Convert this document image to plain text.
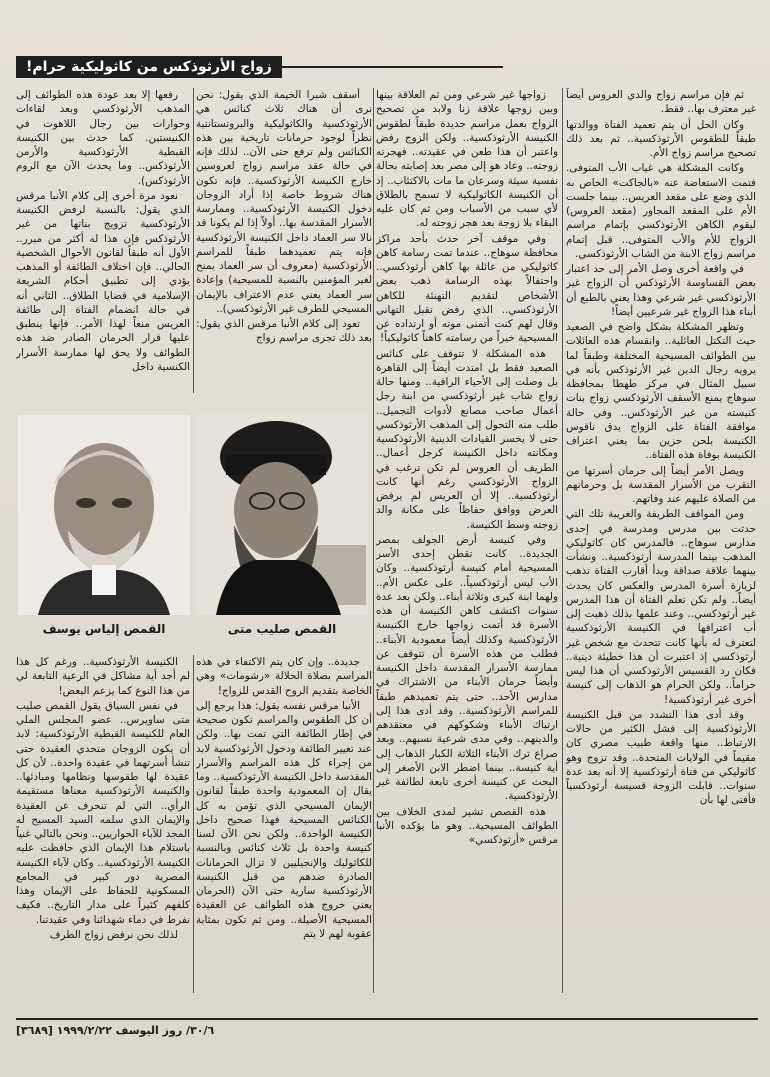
زواج الأرثوذكس من كاثوليكية حرام!

ثم فإن مراسم زواج والدي العروس أيضاً غير معترف بها.. فقط.

وكان الحل أن يتم تعميد الفتاة ووالدتها طبقاً للطقوس الأرثوذكسية.. ثم بعد ذلك تصحيح مراسم زواج الأم.

وكانت المشكلة هي غياب الأب المتوفى. فتمت الاستعاضة عنه «بالجاكت» الخاص به الذي وضع على مقعد العريس.. بينما جلست الأم على المقعد المجاور (مقعد العروس) ليقوم الكاهن الأرثوذكسي بإتمام مراسم الزواج للأم والأب المتوفى.. قبل إتمام مراسم زواج الابنة من الشاب الأرثوذكسي.

في واقعة أخرى وصل الأمر إلى حد اعتبار بعض القساوسة الأرثوذكس أن الزواج غير الأرثوذكسي غير شرعي وهذا يعني بالطبع أن أبناء هذا الزواج غير شرعيين أيضاً!

وتظهر المشكلة بشكل واضح في الصعيد حيث التكتل العائلية.. وانقسام هذه العائلات بين الطوائف المسيحية المختلفة وطبقاً لما يرويه رجال الدين غير الأرثوذكس بأنه في سبيل المثال في مركز طهطا بمحافظة سوهاج يمنع الأسقف الأرثوذكسي زواج بنات كنيسته من غير الأرثوذكس.. وفي حالة موافقة الفتاة على الزواج يدق ناقوس الكنيسة بلحن حزين بما يعني اعتراف الكنيسة بوفاة هذه الفتاة..

ويصل الأمر أيضاً إلى حرمان أسرتها من التقرب من الأسرار المقدسة بل وحرمانهم من الصلاة عليهم عند وفاتهم.

ومن المواقف الطريفة والغريبة تلك التي حدثت بين مدرس ومدرسة في إحدى مدارس سوهاج.. فالمدرس كان كاثوليكي المذهب بينما المدرسة أرثوذكسية.. ونشأت بينهما علاقة صداقة وبدأ أقارب الفتاة تذهب لزيارة أسرة المدرس والعكس كان يحدث أيضاً.. ولم تكن تعلم الفتاة أن هذا المدرس غير أرثوذكسي.. وعند علمها بذلك ذهبت إلى أب اعترافها في الكنيسة الأرثوذكسية لتعترف له بأنها كانت تتحدث مع شخص غير أرثوذكسي إذ اعتبرت أن هذا خطيئة دينية.. فكان رد القسيس الأرثوذكسي أن هذا ليس حراماً.. ولكن الحرام هو الذهاب إلى كنيسة أخرى غير أرثوذكسية!

وقد أدى هذا التشدد من قبل الكنيسة الأرثوذكسية إلى فشل الكثير من حالات الارتباط.. منها واقعة طبيب مصري كان مقيماً في الولايات المتحدة.. وقد تزوج وهو كاثوليكي من فتاة أرثوذكسية إلا أنه بعد عدة سنوات.. قابلت الزوجة قسيسة أرثوذكسياً فأفتى لها بأن

زواجها غير شرعي ومن ثم العلاقة بينها وبين زوجها علاقة زنا ولابد من تصحيح الزواج بعمل مراسم جديدة طبقاً لطقوس الكنيسة الأرثوذكسية.. ولكن الزوج رفض واعتبر أن هذا طعن في عقيدته.. فهجرته زوجته.. وعاد هو إلى مصر بعد إصابته بحالة نفسية سيئة وسرعان ما مات بالاكتئاب.. إذ أن الكنيسة الكاثوليكية لا تسمح بالطلاق لأي سبب من الأسباب ومن ثم كان عليه البقاء بلا زوجة بعد هجر زوجته له.

وفي موقف آخر حدث بأحد مراكز محافظة سوهاج.. عندما تمت رسامة كاهن كاثوليكي من عائلة بها كاهن أرثوذكسي.. واحتفالاً بهذه الرسامة ذهب بعض الأشخاص لتقديم التهنئة للكاهن الأرثوذكسي.. الذي رفض تقبل التهاني وقال لهم كنت أتمنى موته أو ارتداده عن المسيحية خيراً من رسامته كاهناً كاثوليكياً!

هذه المشكلة لا تتوقف على كنائس الصعيد فقط بل امتدت أيضاً إلى القاهرة بل وصلت إلى الأحياء الراقية.. ومنها حالة زواج شاب غير أرثوذكسي من ابنة رجل أعمال صاحب مصانع لأدوات التجميل.. طلب منه التحول إلى المذهب الأرثوذكسي حتى لا يخسر القيادات الدينية الأرثوذكسية ومكانته داخل الكنيسة كرجل أعمال.. الطريف أن العروس لم تكن ترغب في الزواج الأرثوذكسي رغم أنها كانت أرثوذكسية.. إلا أن العريس لم يرفض العرض ووافق حفاظاً على مكانة والد زوجته وسط الكنيسة.

وفي كنيسة أرض الجولف بمصر الجديدة.. كانت تقطن إحدى الأسر المسيحية أمام كنيسة أرثوذكسية.. وكان الأب ليس أرثوذكسياً.. على عكس الأم.. ولهما ابنة كبرى وثلاثة أبناء.. ولكن بعد عدة سنوات اكتشف كاهن الكنيسة أن هذه الأسرة قد أتمت زواجها خارج الكنيسة الأرثوذكسية وكذلك أيضاً معمودية الأبناء.. فطلب من هذه الأسرة أن تتوقف عن ممارسة الأسرار المقدسة داخل الكنيسة وأيضاً حرمان الأبناء من الاشتراك في مدارس الأحد.. حتى يتم تعميدهم طبقاً للمراسم الأرثوذكسية.. وقد أدى هذا إلى ارتباك الأبناء وشكوكهم في معتقدهم والدينهم.. وفي مدى شرعية نسبهم.. وبعد صراع ترك الأبناء الثلاثة الكبار الذهاب إلى أية كنيسة.. بينما اضطر الابن الأصغر إلى البحث عن كنيسة أخرى تابعة لطائفة غير الأرثوذكسية.

هذه القصص تشير لمدى الخلاف بين الطوائف المسيحية.. وهو ما يؤكده الأنبا مرقس «أرثوذكسي»

أسقف شبرا الخيمة الذي يقول: نحن نرى أن هناك ثلاث كنائس هي الأرثوذكسية والكاثوليكية والبروتستانتية نظراً لوجود حرمانات تاريخية بين هذه الكنائس ولم ترفع حتى الآن.. لذلك فإنه في حالة عقد مراسم زواج لعروسين خارج الكنيسة الأرثوذكسية.. فإنه تكون هناك شروط خاصة إذا أراد الزوجان دخول الكنيسة الأرثوذكسية.. وممارسة الأسرار المقدسة بها.. أولاً إذا لم يكونا قد نالا سر العماد داخل الكنيسة الأرثوذكسية فإنه يتم تعميدهما طبقاً للمراسم الأرثوذكسية (معروف أن سر العماد يمنح لغير المؤمنين بالنسبة للمسيحية) وإعادة سر العماد يعني عدم الاعتراف بالإيمان المسيحي للطرف غير الأرثوذكسي)..

تعود إلى كلام الأنبا مرقس الذي يقول: بعد ذلك تجرى مراسم زواج

رفعها إلا بعد عودة هذه الطوائف إلى المذهب الأرثوذكسي وبعد لقاءات وحوارات بين رجال اللاهوت في الكنيستين. كما حدث بين الكنيسة القبطية الأرثوذكسية والأرمن الأرثوذكس.. وما يحدث الآن مع الروم الأرثوذكس).

نعود مرة أخرى إلى كلام الأنبا مرقس الذي يقول: بالنسبة لرفض الكنيسة الأرثوذكسية تزويج بناتها من غير الأرثوذكس فإن هذا له أكثر من مبرر.. الأول أنه طبقاً لقانون الأحوال الشخصية الحالي.. فإن اختلاف الطائفة أو المذهب يؤدي إلى تطبيق أحكام الشريعة الإسلامية في قضايا الطلاق.. الثاني أنه في حالة انضمام الفتاة إلى طائفة العريس منعاً لهذا الأمر.. فإنها ينطبق عليها قرار الحرمان الصادر ضد هذه الطوائف ولا يحق لها ممارسة الأسرار الكنسية داخل

القمص صليب متى
القمص إلياس يوسف

جديدة.. وإن كان يتم الاكتفاء في هذه المراسم بصلاة الحلالة «رشومات» وهي الخاصة بتقديم الروح القدس للزواج!

الأنبا مرقس نفسه يقول: هذا يرجع إلى أن كل الطقوس والمراسم تكون صحيحة في إطار الطائفة التي تمت بها.. ولكن عند تغيير الطائفة ودخول الأرثوذكسية لابد من إجراء كل هذه المراسم والأسرار المقدسة داخل الكنيسة الأرثوذكسية.. وما يقال إن المعمودية واحدة طبقاً لقانون الإيمان المسيحي الذي تؤمن به كل الكنائس المسيحية فهذا صحيح داخل الكنيسة الواحدة.. ولكن نحن الآن لسنا كنيسة واحدة بل ثلاث كنائس وبالنسبة للكاثوليك والإنجيليين لا تزال الحرمانات الصادرة ضدهم من قبل الكنيسة الأرثوذكسية سارية حتى الآن (الحرمان يعني خروج هذه الطوائف عن العقيدة المسيحية الأصيلة.. ومن ثم تكون بمثابة عقوبة لهم لا يتم

الكنيسة الأرثوذكسية.. ورغم كل هذا لم أجد أية مشاكل في الرعية التابعة لي من هذا النوع كما يزعم البعض!

في نفس السياق يقول القمص صليب متى ساويرس.. عضو المجلس الملي العام للكنيسة القبطية الأرثوذكسية: لابد أن يكون الزوجان متحدي العقيدة حتى تنشأ أسرتهما في عقيدة واحدة.. لأن كل عقيدة لها طقوسها ونظامها ومبادئها.. والكنيسة الأرثوذكسية معناها مستقيمة الرأي.. التي لم تنحرف عن العقيدة والإيمان الذي سلمه السيد المسيح له المجد للآباء الحواريين.. ونحن بالتالي غنياً باستلام هذا الإيمان الذي حافظت عليه الكنيسة الأرثوذكسية.. وكان لآباء الكنيسة المصرية دور كبير في المجامع المسكونية للحفاظ على الإيمان وهذا كلفهم كثيراً على مدار التاريخ.. فكيف نفرط في دماء شهدائنا وفي عقيدتنا.

لذلك نحن نرفض زواج الطرف

٣٠/٦/ روز اليوسف ١٩٩٩/٢/٢٢ [٣٦٨٩]
